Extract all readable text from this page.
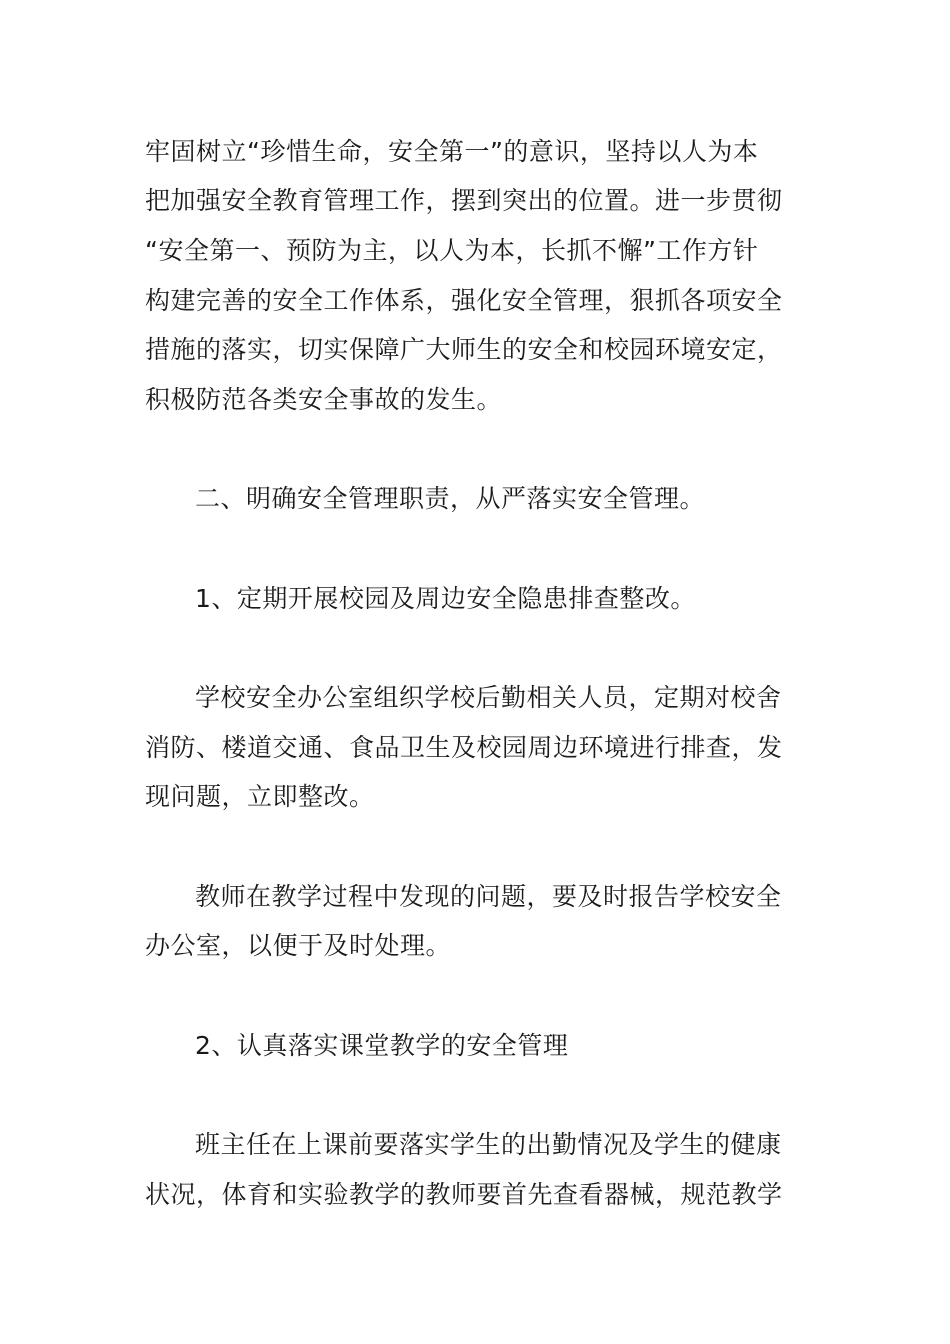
牢固树立“珍惜生命，安全第一”的意识，坚持以人为本
把加强安全教育管理工作，摆到突出的位置。进一步贯彻
“安全第一、预防为主，以人为本，长抓不懈”工作方针
构建完善的安全工作体系，强化安全管理，狠抓各项安全
措施的落实，切实保障广大师生的安全和校园环境安定，
积极防范各类安全事故的发生。
二、明确安全管理职责，从严落实安全管理。
1、定期开展校园及周边安全隐患排查整改。
学校安全办公室组织学校后勤相关人员，定期对校舍
消防、楼道交通、食品卫生及校园周边环境进行排查，发
现问题，立即整改。
教师在教学过程中发现的问题，要及时报告学校安全
办公室，以便于及时处理。
2、认真落实课堂教学的安全管理
班主任在上课前要落实学生的出勤情况及学生的健康
状况，体育和实验教学的教师要首先查看器械，规范教学
